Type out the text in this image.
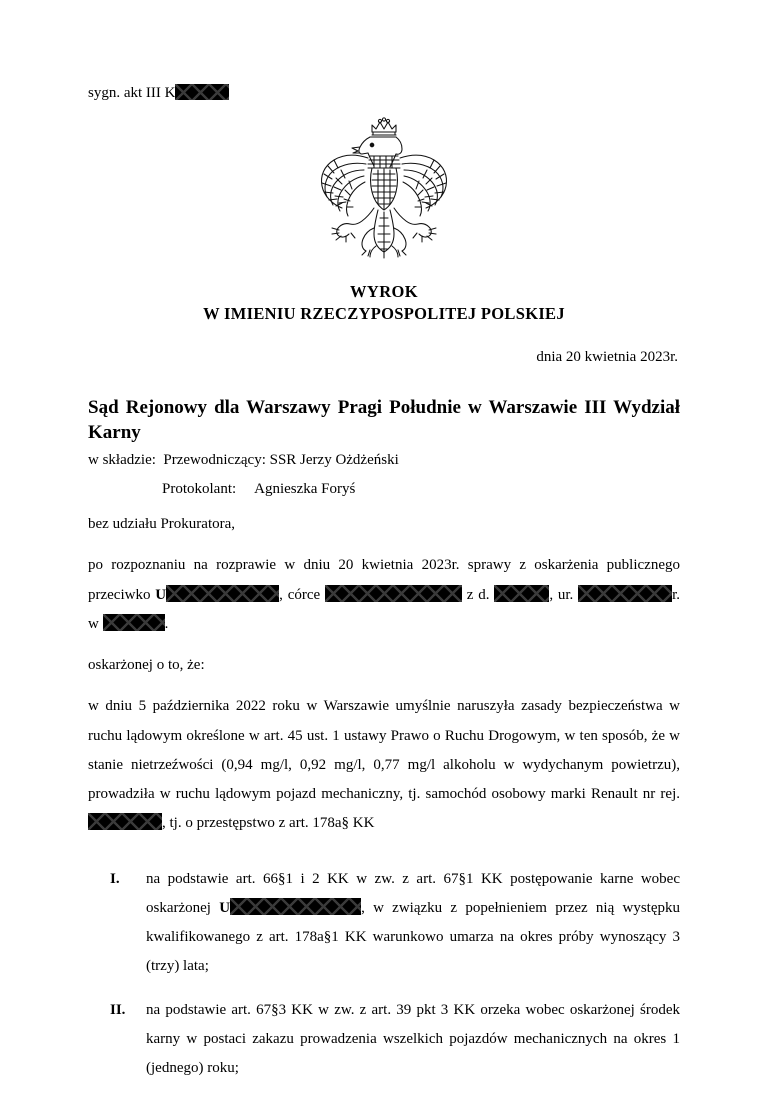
sygn. akt III K
WYROK
W IMIENIU RZECZYPOSPOLITEJ POLSKIEJ
dnia 20 kwietnia 2023r.
Sąd Rejonowy dla Warszawy Pragi Południe w Warszawie III Wydział Karny
w składzie: Przewodniczący: SSR Jerzy Ożdżeński
Protokolant: Agnieszka Foryś
bez udziału Prokuratora,
po rozpoznaniu na rozprawie w dniu 20 kwietnia 2023r. sprawy z oskarżenia publicznego przeciwko U	, córce	z d.	, ur.	r. w	.
oskarżonej o to, że:
w dniu 5 października 2022 roku w Warszawie umyślnie naruszyła zasady bezpieczeństwa w ruchu lądowym określone w art. 45 ust. 1 ustawy Prawo o Ruchu Drogowym, w ten sposób, że w stanie nietrzeźwości (0,94 mg/l, 0,92 mg/l, 0,77 mg/l alkoholu w wydychanym powietrzu), prowadziła w ruchu lądowym pojazd mechaniczny, tj. samochód osobowy marki Renault nr rej. , tj. o przestępstwo z art. 178a§ KK
I.	na podstawie art. 66§1 i 2 KK w zw. z art. 67§1 KK postępowanie karne wobec oskarżonej U	, w związku z popełnieniem przez nią występku kwalifikowanego z art. 178a§1 KK warunkowo umarza na okres próby wynoszący 3 (trzy) lata;
II.	na podstawie art. 67§3 KK w zw. z art. 39 pkt 3 KK orzeka wobec oskarżonej środek karny w postaci zakazu prowadzenia wszelkich pojazdów mechanicznych na okres 1 (jednego) roku;
